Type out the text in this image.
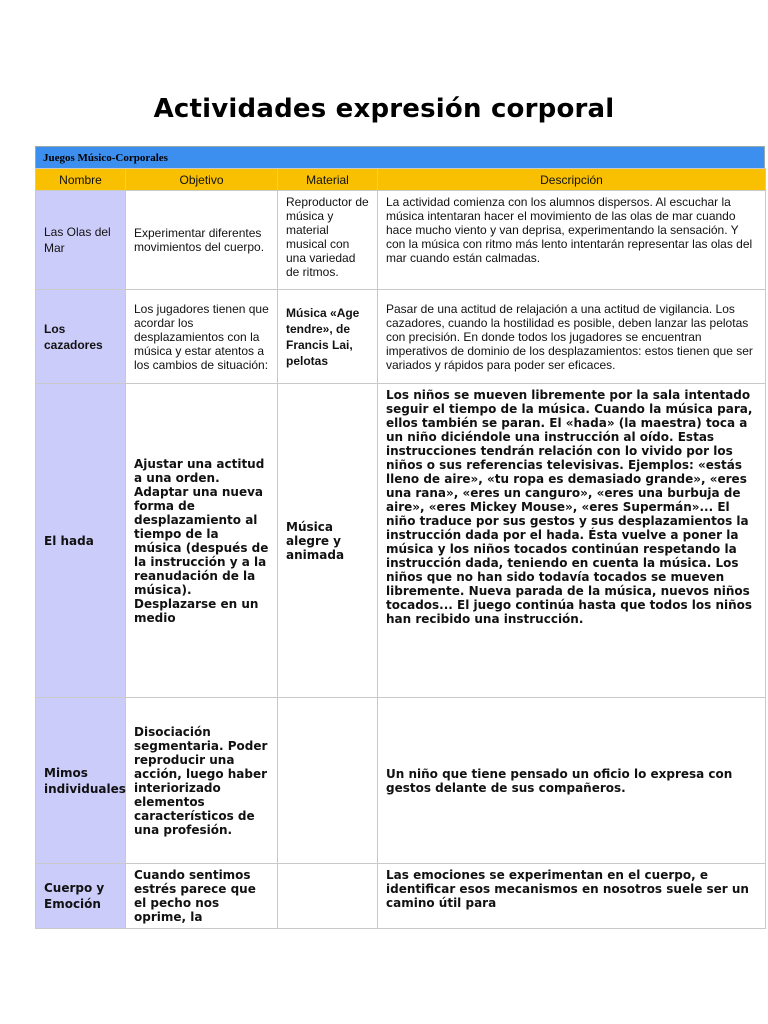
Actividades expresión corporal
Juegos Músico-Corporales
Nombre	Objetivo	Material	Descripción
Las Olas del Mar	Experimentar diferentes movimientos del cuerpo.	Reproductor de música y material musical con una variedad de ritmos.	La actividad comienza con los alumnos dispersos. Al escuchar la música intentaran hacer el movimiento de las olas de mar cuando hace mucho viento y van deprisa, experimentando la sensación. Y con la música con ritmo más lento intentarán representar las olas del mar cuando están calmadas.
Los cazadores	Los jugadores tienen que acordar los desplazamientos con la música y estar atentos a los cambios de situación:	Música «Age tendre», de Francis Lai, pelotas	Pasar de una actitud de relajación a una actitud de vigilancia. Los cazadores, cuando la hostilidad es posible, deben lanzar las pelotas con precisión. En donde todos los jugadores se encuentran imperativos de dominio de los desplazamientos: estos tienen que ser variados y rápidos para poder ser eficaces.
El hada	Ajustar una actitud a una orden. Adaptar una nueva forma de desplazamiento al tiempo de la música (después de la instrucción y a la reanudación de la música). Desplazarse en un medio	Música alegre y animada	Los niños se mueven libremente por la sala intentado seguir el tiempo de la música. Cuando la música para, ellos también se paran. El «hada» (la maestra) toca a un niño diciéndole una instrucción al oído. Estas instrucciones tendrán relación con lo vivido por los niños o sus referencias televisivas. Ejemplos: «estás lleno de aire», «tu ropa es demasiado grande», «eres una rana», «eres un canguro», «eres una burbuja de aire», «eres Mickey Mouse», «eres Supermán»... El niño traduce por sus gestos y sus desplazamientos la instrucción dada por el hada. Ésta vuelve a poner la música y los niños tocados continúan respetando la instrucción dada, teniendo en cuenta la música. Los niños que no han sido todavía tocados se mueven libremente. Nueva parada de la música, nuevos niños tocados... El juego continúa hasta que todos los niños han recibido una instrucción.
Mimos individuales	Disociación segmentaria. Poder reproducir una acción, luego haber interiorizado elementos característicos de una profesión.		Un niño que tiene pensado un oficio lo expresa con gestos delante de sus compañeros.
Cuerpo y Emoción	Cuando sentimos estrés parece que el pecho nos oprime, la		Las emociones se experimentan en el cuerpo, e identificar esos mecanismos en nosotros suele ser un camino útil para
